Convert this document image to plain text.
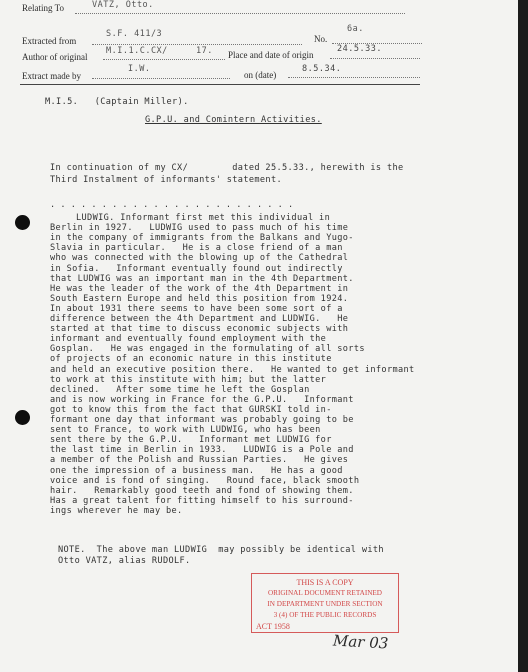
Relating To	VATZ, Otto.
6a.
No.
Extracted from
S.F. 411/3
Author of original
M.I.1.C.CX/	17. Place and date of origin
24.5.33.
Extract made by
I.W.
on (date)
8.5.34.
M.I.5.   (Captain Miller).
G.P.U. and Comintern Activities.
In continuation of my CX/        dated 25.5.33., herewith is the
Third Instalment of informants' statement.
. . . . . . . . . . . . . . . . . . . . . . . .
LUDWIG. Informant first met this individual in
Berlin in 1927.   LUDWIG used to pass much of his time
in the company of immigrants from the Balkans and Yugo-
Slavia in particular.   He is a close friend of a man
who was connected with the blowing up of the Cathedral
in Sofia.   Informant eventually found out indirectly
that LUDWIG was an important man in the 4th Department.
He was the leader of the work of the 4th Department in
South Eastern Europe and held this position from 1924.
In about 1931 there seems to have been some sort of a
difference between the 4th Department and LUDWIG.   He
started at that time to discuss economic subjects with
informant and eventually found employment with the
Gosplan.   He was engaged in the formulating of all sorts
of projects of an economic nature in this institute
and held an executive position there.   He wanted to get informant
to work at this institute with him; but the latter
declined.   After some time he left the Gosplan
and is now working in France for the G.P.U.   Informant
got to know this from the fact that GURSKI told in-
formant one day that informant was probably going to be
sent to France, to work with LUDWIG, who has been
sent there by the G.P.U.   Informant met LUDWIG for
the last time in Berlin in 1933.   LUDWIG is a Pole and
a member of the Polish and Russian Parties.   He gives
one the impression of a business man.   He has a good
voice and is fond of singing.   Round face, black smooth
hair.   Remarkably good teeth and fond of showing them.
Has a great talent for fitting himself to his surround-
ings wherever he may be.
NOTE.  The above man LUDWIG  may possibly be identical with
Otto VATZ, alias RUDOLF.
THIS IS A COPY
ORIGINAL DOCUMENT RETAINED
IN DEPARTMENT UNDER SECTION
3 (4) OF THE PUBLIC RECORDS
ACT 1958
Mar 03
